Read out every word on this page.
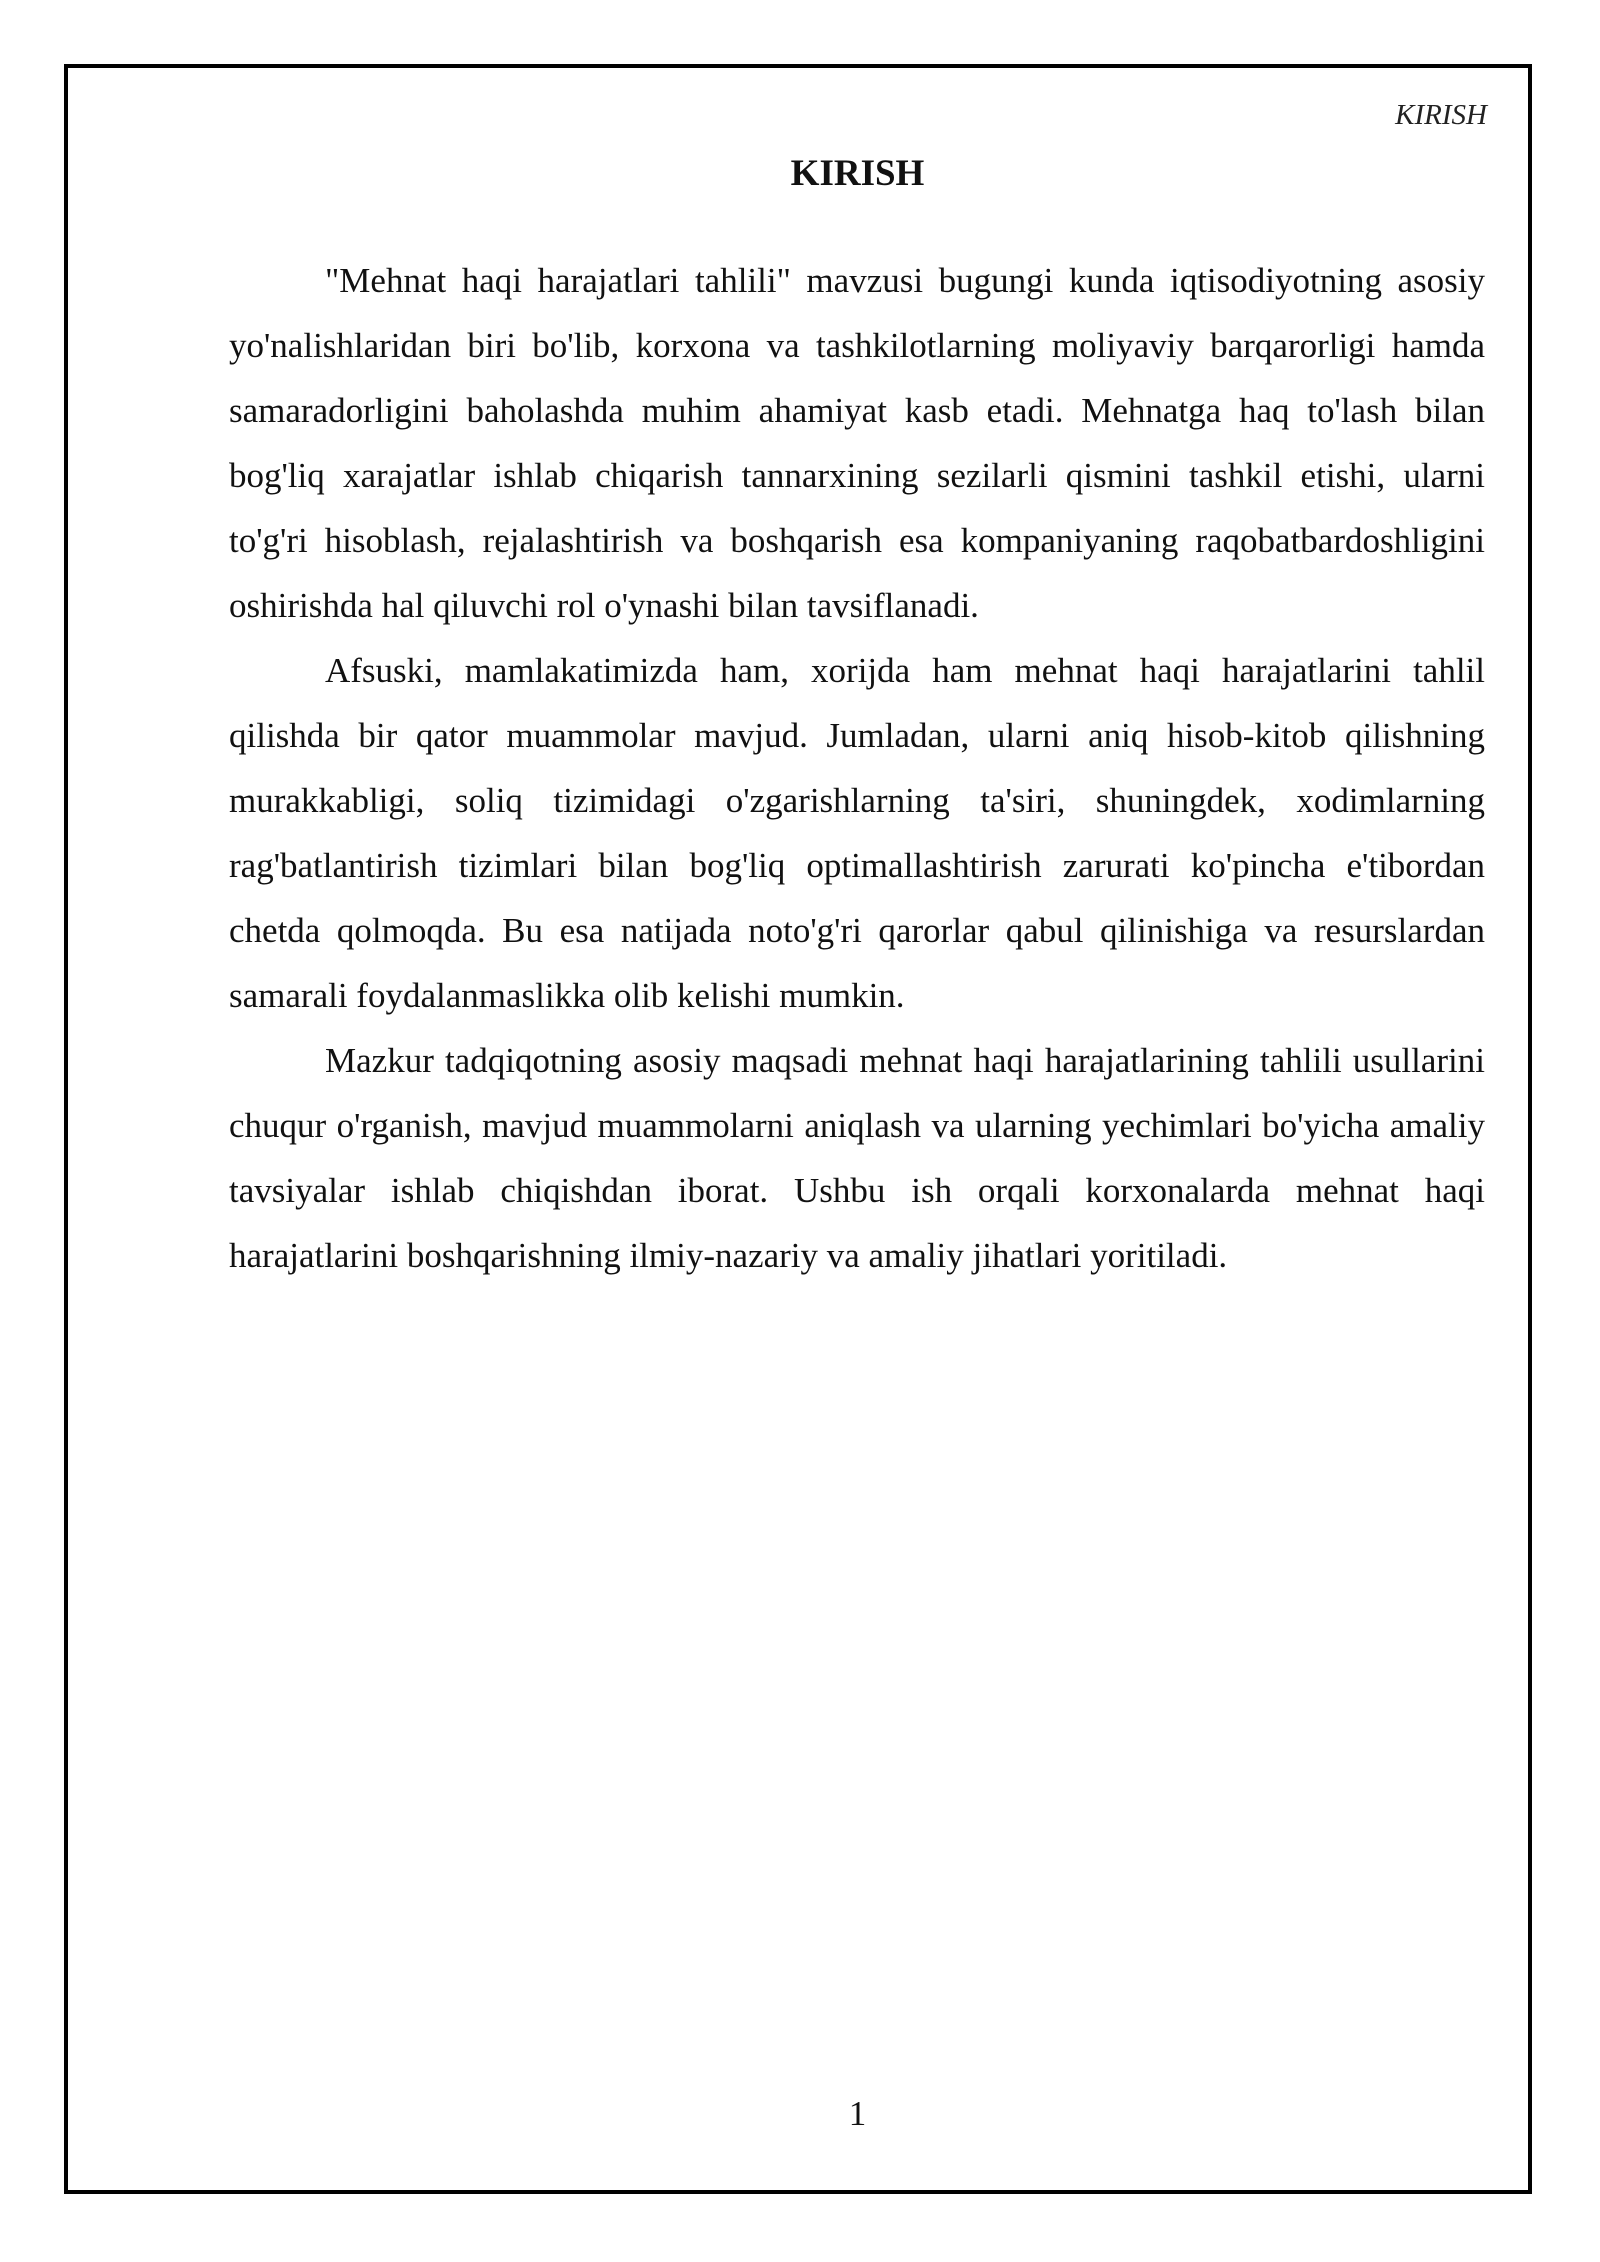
KIRISH
KIRISH

"Mehnat haqi harajatlari tahlili" mavzusi bugungi kunda iqtisodiyotning asosiy yo'nalishlaridan biri bo'lib, korxona va tashkilotlarning moliyaviy barqarorligi hamda samaradorligini baholashda muhim ahamiyat kasb etadi. Mehnatga haq to'lash bilan bog'liq xarajatlar ishlab chiqarish tannarxining sezilarli qismini tashkil etishi, ularni to'g'ri hisoblash, rejalashtirish va boshqarish esa kompaniyaning raqobatbardoshligini oshirishda hal qiluvchi rol o'ynashi bilan tavsiflanadi.

Afsuski, mamlakatimizda ham, xorijda ham mehnat haqi harajatlarini tahlil qilishda bir qator muammolar mavjud. Jumladan, ularni aniq hisob-kitob qilishning murakkabligi, soliq tizimidagi o'zgarishlarning ta'siri, shuningdek, xodimlarning rag'batlantirish tizimlari bilan bog'liq optimallashtirish zarurati ko'pincha e'tibordan chetda qolmoqda. Bu esa natijada noto'g'ri qarorlar qabul qilinishiga va resurslardan samarali foydalanmaslikka olib kelishi mumkin.

Mazkur tadqiqotning asosiy maqsadi mehnat haqi harajatlarining tahlili usullarini chuqur o'rganish, mavjud muammolarni aniqlash va ularning yechimlari bo'yicha amaliy tavsiyalar ishlab chiqishdan iborat. Ushbu ish orqali korxonalarda mehnat haqi harajatlarini boshqarishning ilmiy-nazariy va amaliy jihatlari yoritiladi.

1
